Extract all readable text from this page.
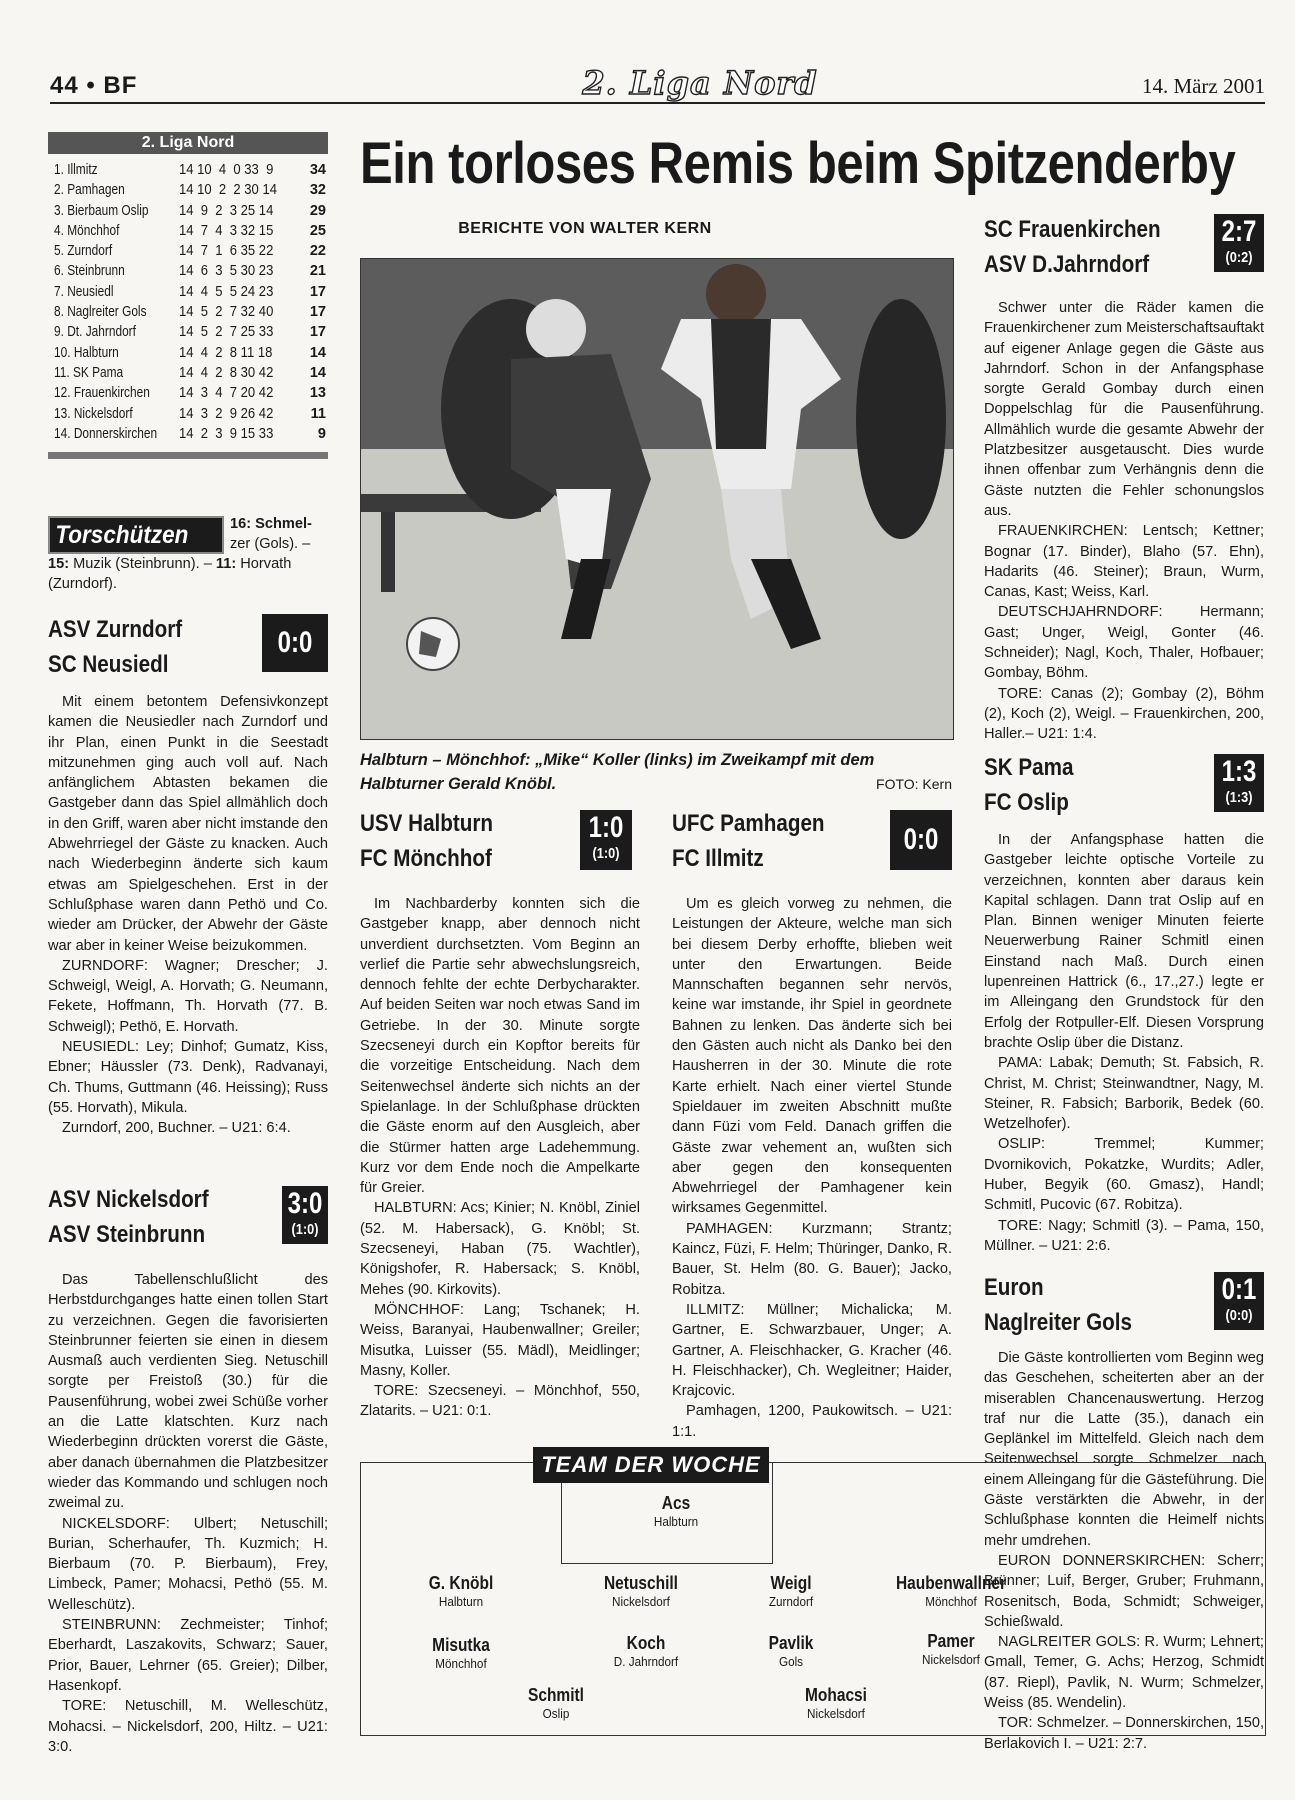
44 • BF	2. Liga Nord	14. März 2001
2. Liga Nord
1. Illmitz	14 10  4  0 33  9	34
2. Pamhagen	14 10  2  2 30 14 32
3. Bierbaum Oslip 14  9  2  3 25 14	29
4. Mönchhof	14  7  4  3 32 15	25
5. Zurndorf	14  7  1  6 35 22	22
6. Steinbrunn	14  6  3  5 30 23	21
7. Neusiedl	14  4  5  5 24 23	17
8. Naglreiter Gols 14  5  2  7 32 40	17
9. Dt. Jahrndorf	14  5  2  7 25 33	17
10. Halbturn	14  4  2  8 11 18	14
11. SK Pama	14  4  2  8 30 42	14
12. Frauenkirchen 14  3  4  7 20 42	13
13. Nickelsdorf	14  3  2  9 26 42	11
14. Donnerskirchen 14  2  3  9 15 33	9
Torschützen	16: Schmel-
zer (Gols). –
15: Muzik (Steinbrunn). – 11: Horvath (Zurndorf).
ASV Zurndorf
SC Neusiedl
0:0

Mit einem betontem Defensivkonzept kamen die Neusiedler nach Zurndorf und ihr Plan, einen Punkt in die Seestadt mitzunehmen ging auch voll auf. Nach anfänglichem Abtasten bekamen die Gastgeber dann das Spiel allmählich doch in den Griff, waren aber nicht imstande den Abwehrriegel der Gäste zu knacken. Auch nach Wiederbeginn änderte sich kaum etwas am Spielgeschehen. Erst in der Schlußphase waren dann Pethö und Co. wieder am Drücker, der Abwehr der Gäste war aber in keiner Weise beizukommen.

ZURNDORF: Wagner; Drescher; J. Schweigl, Weigl, A. Horvath; G. Neumann, Fekete, Hoffmann, Th. Horvath (77. B. Schweigl); Pethö, E. Horvath.

NEUSIEDL: Ley; Dinhof; Gumatz, Kiss, Ebner; Häussler (73. Denk), Radvanayi, Ch. Thums, Guttmann (46. Heissing); Russ (55. Horvath), Mikula.

Zurndorf, 200, Buchner. – U21: 6:4.

ASV Nickelsdorf
ASV Steinbrunn
3:0
(1:0)

Das Tabellenschlußlicht des Herbstdurchganges hatte einen tollen Start zu verzeichnen. Gegen die favorisierten Steinbrunner feierten sie einen in diesem Ausmaß auch verdienten Sieg. Netuschill sorgte per Freistoß (30.) für die Pausenführung, wobei zwei Schüße vorher an die Latte klatschten. Kurz nach Wiederbeginn drückten vorerst die Gäste, aber danach übernahmen die Platzbesitzer wieder das Kommando und schlugen noch zweimal zu.

NICKELSDORF: Ulbert; Netuschill; Burian, Scherhaufer, Th. Kuzmich; H. Bierbaum (70. P. Bierbaum), Frey, Limbeck, Pamer; Mohacsi, Pethö (55. M. Welleschütz).

STEINBRUNN: Zechmeister; Tinhof; Eberhardt, Laszakovits, Schwarz; Sauer, Prior, Bauer, Lehrner (65. Greier); Dilber, Hasenkopf.

TORE: Netuschill, M. Welleschütz, Mohacsi. – Nickelsdorf, 200, Hiltz. – U21: 3:0.

Ein torloses Remis beim Spitzenderby
BERICHTE VON WALTER KERN
Halbturn – Mönchhof: „Mike“ Koller (links) im Zweikampf mit dem Halbturner Gerald Knöbl.	FOTO: Kern
USV Halbturn
FC Mönchhof
1:0
(1:0)

Im Nachbarderby konnten sich die Gastgeber knapp, aber dennoch nicht unverdient durchsetzten. Vom Beginn an verlief die Partie sehr abwechslungsreich, dennoch fehlte der echte Derbycharakter. Auf beiden Seiten war noch etwas Sand im Getriebe. In der 30. Minute sorgte Szecseneyi durch ein Kopftor bereits für die vorzeitige Entscheidung. Nach dem Seitenwechsel änderte sich nichts an der Spielanlage. In der Schlußphase drückten die Gäste enorm auf den Ausgleich, aber die Stürmer hatten arge Ladehemmung. Kurz vor dem Ende noch die Ampelkarte für Greier.

HALBTURN: Acs; Kinier; N. Knöbl, Ziniel (52. M. Habersack), G. Knöbl; St. Szecseneyi, Haban (75. Wachtler), Königshofer, R. Habersack; S. Knöbl, Mehes (90. Kirkovits).

MÖNCHHOF: Lang; Tschanek; H. Weiss, Baranyai, Haubenwallner; Greiler; Misutka, Luisser (55. Mädl), Meidlinger; Masny, Koller.

TORE: Szecseneyi. – Mönchhof, 550, Zlatarits. – U21: 0:1.

UFC Pamhagen
FC Illmitz
0:0

Um es gleich vorweg zu nehmen, die Leistungen der Akteure, welche man sich bei diesem Derby erhoffte, blieben weit unter den Erwartungen. Beide Mannschaften begannen sehr nervös, keine war imstande, ihr Spiel in geordnete Bahnen zu lenken. Das änderte sich bei den Gästen auch nicht als Danko bei den Hausherren in der 30. Minute die rote Karte erhielt. Nach einer viertel Stunde Spieldauer im zweiten Abschnitt mußte dann Füzi vom Feld. Danach griffen die Gäste zwar vehement an, wußten sich aber gegen den konsequenten Abwehrriegel der Pamhagener kein wirksames Gegenmittel.

PAMHAGEN: Kurzmann; Strantz; Kaincz, Füzi, F. Helm; Thüringer, Danko, R. Bauer, St. Helm (80. G. Bauer); Jacko, Robitza.

ILLMITZ: Müllner; Michalicka; M. Gartner, E. Schwarzbauer, Unger; A. Gartner, A. Fleischhacker, G. Kracher (46. H. Fleischhacker), Ch. Wegleitner; Haider, Krajcovic.

Pamhagen, 1200, Paukowitsch. – U21: 1:1.

SC Frauenkirchen
ASV D.Jahrndorf
2:7
(0:2)

Schwer unter die Räder kamen die Frauenkirchener zum Meisterschaftsauftakt auf eigener Anlage gegen die Gäste aus Jahrndorf. Schon in der Anfangsphase sorgte Gerald Gombay durch einen Doppelschlag für die Pausenführung. Allmählich wurde die gesamte Abwehr der Platzbesitzer ausgetauscht. Dies wurde ihnen offenbar zum Verhängnis denn die Gäste nutzten die Fehler schonungslos aus.

FRAUENKIRCHEN: Lentsch; Kettner; Bognar (17. Binder), Blaho (57. Ehn), Hadarits (46. Steiner); Braun, Wurm, Canas, Kast; Weiss, Karl.

DEUTSCHJAHRNDORF: Hermann; Gast; Unger, Weigl, Gonter (46. Schneider); Nagl, Koch, Thaler, Hofbauer; Gombay, Böhm.

TORE: Canas (2); Gombay (2), Böhm (2), Koch (2), Weigl. – Frauenkirchen, 200, Haller.– U21: 1:4.

SK Pama
FC Oslip
1:3
(1:3)

In der Anfangsphase hatten die Gastgeber leichte optische Vorteile zu verzeichnen, konnten aber daraus kein Kapital schlagen. Dann trat Oslip auf en Plan. Binnen weniger Minuten feierte Neuerwerbung Rainer Schmitl einen Einstand nach Maß. Durch einen lupenreinen Hattrick (6., 17.,27.) legte er im Alleingang den Grundstock für den Erfolg der Rotpuller-Elf. Diesen Vorsprung brachte Oslip über die Distanz.

PAMA: Labak; Demuth; St. Fabsich, R. Christ, M. Christ; Steinwandtner, Nagy, M. Steiner, R. Fabsich; Barborik, Bedek (60. Wetzelhofer).

OSLIP: Tremmel; Kummer; Dvornikovich, Pokatzke, Wurdits; Adler, Huber, Begyik (60. Gmasz), Handl; Schmitl, Pucovic (67. Robitza).

TORE: Nagy; Schmitl (3). – Pama, 150, Müllner. – U21: 2:6.

Euron
Naglreiter Gols
0:1
(0:0)

Die Gäste kontrollierten vom Beginn weg das Geschehen, scheiterten aber an der miserablen Chancenauswertung. Herzog traf nur die Latte (35.), danach ein Geplänkel im Mittelfeld. Gleich nach dem Seitenwechsel sorgte Schmelzer nach einem Alleingang für die Gästeführung. Die Gäste verstärkten die Abwehr, in der Schlußphase konnten die Heimelf nichts mehr umdrehen.

EURON DONNERSKIRCHEN: Scherr; Brünner; Luif, Berger, Gruber; Fruhmann, Rosenitsch, Boda, Schmidt; Schweiger, Schießwald.

NAGLREITER GOLS: R. Wurm; Lehnert; Gmall, Temer, G. Achs; Herzog, Schmidt (87. Riepl), Pavlik, N. Wurm; Schmelzer, Weiss (85. Wendelin).

TOR: Schmelzer. – Donnerskirchen, 150, Berlakovich I. – U21: 2:7.

TEAM DER WOCHE
Acs
Halbturn
G. Knöbl
Halbturn
Netuschill
Nickelsdorf
Weigl
Zurndorf
Haubenwallner
Mönchhof
Misutka
Mönchhof
Koch
D. Jahrndorf
Pavlik
Gols
Pamer
Nickelsdorf
Schmitl
Oslip
Mohacsi
Nickelsdorf
